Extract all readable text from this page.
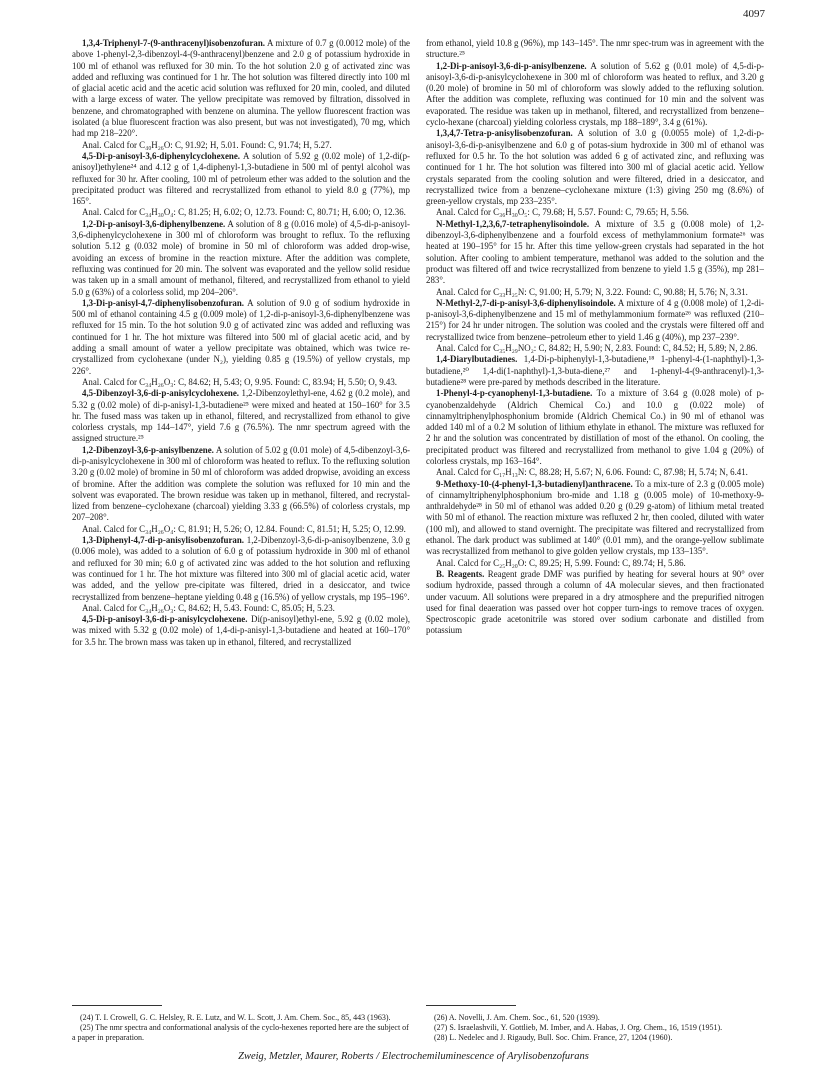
4097

1,3,4-Triphenyl-7-(9-anthracenyl)isobenzofuran. A mixture of 0.7 g (0.0012 mole) of the above 1-phenyl-2,3-dibenzoyl-4-(9-anthracenyl)benzene and 2.0 g of potassium hydroxide in 100 ml of ethanol was refluxed for 30 min. To the hot solution 2.0 g of activated zinc was added and refluxing was continued for 1 hr. The hot solution was filtered directly into 100 ml of glacial acetic acid and the acetic acid solution was refluxed for 20 min, cooled, and diluted with a large excess of water. The yellow precipitate was removed by filtration, dissolved in benzene, and chromatographed with benzene on alumina. The yellow fluorescent fraction was isolated (a blue fluorescent fraction was also present, but was not investigated), 70 mg, which had mp 218–220°.

Anal. Calcd for C₄₀H₂₆O: C, 91.92; H, 5.01. Found: C, 91.74; H, 5.27.

4,5-Di-p-anisoyl-3,6-diphenylcyclohexene. A solution of 5.92 g (0.02 mole) of 1,2-di(p-anisoyl)ethylene²⁴ and 4.12 g of 1,4-diphenyl-1,3-butadiene in 500 ml of pentyl alcohol was refluxed for 30 hr. After cooling, 100 ml of petroleum ether was added to the solution and the precipitated product was filtered and recrystallized from ethanol to yield 8.0 g (77%), mp 165°.

Anal. Calcd for C₃₄H₃₀O₄: C, 81.25; H, 6.02; O, 12.73. Found: C, 80.71; H, 6.00; O, 12.36.

1,2-Di-p-anisoyl-3,6-diphenylbenzene. A solution of 8 g (0.016 mole) of 4,5-di-p-anisoyl-3,6-diphenylcyclohexene in 300 ml of chloroform was brought to reflux. To the refluxing solution 5.12 g (0.032 mole) of bromine in 50 ml of chloroform was added drop-wise, avoiding an excess of bromine in the reaction mixture. After the addition was complete, refluxing was continued for 20 min. The solvent was evaporated and the yellow solid residue was taken up in a small amount of methanol, filtered, and recrystallized from ethanol to yield 5.0 g (63%) of a colorless solid, mp 204–206°.

1,3-Di-p-anisyl-4,7-diphenylisobenzofuran. A solution of 9.0 g of sodium hydroxide in 500 ml of ethanol containing 4.5 g (0.009 mole) of 1,2-di-p-anisoyl-3,6-diphenylbenzene was refluxed for 15 min. To the hot solution 9.0 g of activated zinc was added and refluxing was continued for 1 hr. The hot mixture was filtered into 500 ml of glacial acetic acid, and by adding a small amount of water a yellow precipitate was obtained, which was twice re-crystallized from cyclohexane (under N₂), yielding 0.85 g (19.5%) of yellow crystals, mp 226°.

Anal. Calcd for C₃₄H₂₆O₃: C, 84.62; H, 5.43; O, 9.95. Found: C, 83.94; H, 5.50; O, 9.43.

4,5-Dibenzoyl-3,6-di-p-anisylcyclohexene. 1,2-Dibenzoylethyl-ene, 4.62 g (0.2 mole), and 5.32 g (0.02 mole) of di-p-anisyl-1,3-butadiene²⁵ were mixed and heated at 150–160° for 3.5 hr. The fused mass was taken up in ethanol, filtered, and recrystallized from ethanol to give colorless crystals, mp 144–147°, yield 7.6 g (76.5%). The nmr spectrum agreed with the assigned structure.²⁵

1,2-Dibenzoyl-3,6-p-anisylbenzene. A solution of 5.02 g (0.01 mole) of 4,5-dibenzoyl-3,6-di-p-anisylcyclohexene in 300 ml of chloroform was heated to reflux. To the refluxing solution 3.20 g (0.02 mole) of bromine in 50 ml of chloroform was added dropwise, avoiding an excess of bromine. After the addition was complete the solution was refluxed for 10 min and the solvent was evaporated. The brown residue was taken up in methanol, filtered, and recrystal-lized from benzene–cyclohexane (charcoal) yielding 3.33 g (66.5%) of colorless crystals, mp 207–208°.

Anal. Calcd for C₃₄H₂₆O₄: C, 81.91; H, 5.26; O, 12.84. Found: C, 81.51; H, 5.25; O, 12.99.

1,3-Diphenyl-4,7-di-p-anisylisobenzofuran. 1,2-Dibenzoyl-3,6-di-p-anisoylbenzene, 3.0 g (0.006 mole), was added to a solution of 6.0 g of potassium hydroxide in 300 ml of ethanol and refluxed for 30 min; 6.0 g of activated zinc was added to the hot solution and refluxing was continued for 1 hr. The hot mixture was filtered into 300 ml of glacial acetic acid, water was added, and the yellow pre-cipitate was filtered, dried in a desiccator, and twice recrystallized from benzene–heptane yielding 0.48 g (16.5%) of yellow crystals, mp 195–196°.

Anal. Calcd for C₃₄H₂₆O₃: C, 84.62; H, 5.43. Found: C, 85.05; H, 5.23.

4,5-Di-p-anisoyl-3,6-di-p-anisylcyclohexene. Di(p-anisoyl)ethyl-ene, 5.92 g (0.02 mole), was mixed with 5.32 g (0.02 mole) of 1,4-di-p-anisyl-1,3-butadiene and heated at 160–170° for 3.5 hr. The brown mass was taken up in ethanol, filtered, and recrystallized

from ethanol, yield 10.8 g (96%), mp 143–145°. The nmr spec-trum was in agreement with the structure.²⁵

1,2-Di-p-anisoyl-3,6-di-p-anisylbenzene. A solution of 5.62 g (0.01 mole) of 4,5-di-p-anisoyl-3,6-di-p-anisylcyclohexene in 300 ml of chloroform was heated to reflux, and 3.20 g (0.20 mole) of bromine in 50 ml of chloroform was slowly added to the refluxing solution. After the addition was complete, refluxing was continued for 10 min and the solvent was evaporated. The residue was taken up in methanol, filtered, and recrystallized from benzene–cyclo-hexane (charcoal) yielding colorless crystals, mp 188–189°, 3.4 g (61%).

1,3,4,7-Tetra-p-anisylisobenzofuran. A solution of 3.0 g (0.0055 mole) of 1,2-di-p-anisoyl-3,6-di-p-anisylbenzene and 6.0 g of potas-sium hydroxide in 300 ml of ethanol was refluxed for 0.5 hr. To the hot solution was added 6 g of activated zinc, and refluxing was continued for 1 hr. The hot solution was filtered into 300 ml of glacial acetic acid. Yellow crystals separated from the cooling solution and were filtered, dried in a desiccator, and recrystallized twice from a benzene–cyclohexane mixture (1:3) giving 250 mg (8.6%) of green-yellow crystals, mp 233–235°.

Anal. Calcd for C₃₆H₃₀O₅: C, 79.68; H, 5.57. Found: C, 79.65; H, 5.56.

N-Methyl-1,2,3,6,7-tetraphenylisoindole. A mixture of 3.5 g (0.008 mole) of 1,2-dibenzoyl-3,6-diphenylbenzene and a fourfold excess of methylammonium formate²⁶ was heated at 190–195° for 15 hr. After this time yellow-green crystals had separated in the hot solution. After cooling to ambient temperature, methanol was added to the solution and the product was filtered off and twice recrystallized from benzene to yield 1.5 g (35%), mp 281–283°.

Anal. Calcd for C₃₃H₂₅N: C, 91.00; H, 5.79; N, 3.22. Found: C, 90.88; H, 5.76; N, 3.31.

N-Methyl-2,7-di-p-anisyl-3,6-diphenylisoindole. A mixture of 4 g (0.008 mole) of 1,2-di-p-anisoyl-3,6-diphenylbenzene and 15 ml of methylammonium formate²⁶ was refluxed (210–215°) for 24 hr under nitrogen. The solution was cooled and the crystals were filtered off and recrystallized twice from benzene–petroleum ether to yield 1.46 g (40%), mp 237–239°.

Anal. Calcd for C₃₅H₂₉NO₂: C, 84.82; H, 5.90; N, 2.83. Found: C, 84.52; H, 5.89; N, 2.86.

1,4-Diarylbutadienes. 1,4-Di-p-biphenylyl-1,3-butadiene,¹⁸ 1-phenyl-4-(1-naphthyl)-1,3-butadiene,²⁰ 1,4-di(1-naphthyl)-1,3-buta-diene,²⁷ and 1-phenyl-4-(9-anthracenyl)-1,3-butadiene²⁸ were pre-pared by methods described in the literature.

1-Phenyl-4-p-cyanophenyl-1,3-butadiene. To a mixture of 3.64 g (0.028 mole) of p-cyanobenzaldehyde (Aldrich Chemical Co.) and 10.0 g (0.022 mole) of cinnamyltriphenylphosphonium bromide (Aldrich Chemical Co.) in 90 ml of ethanol was added 140 ml of a 0.2 M solution of lithium ethylate in ethanol. The mixture was refluxed for 2 hr and the solution was concentrated by distillation of most of the ethanol. On cooling, the precipitated product was filtered and recrystallized from methanol to give 1.04 g (20%) of colorless crystals, mp 163–164°.

Anal. Calcd for C₁₇H₁₃N: C, 88.28; H, 5.67; N, 6.06. Found: C, 87.98; H, 5.74; N, 6.41.

9-Methoxy-10-(4-phenyl-1,3-butadienyl)anthracene. To a mix-ture of 2.3 g (0.005 mole) of cinnamyltriphenylphosphonium bro-mide and 1.18 g (0.005 mole) of 10-methoxy-9-anthraldehyde²⁸ in 50 ml of ethanol was added 0.20 g (0.29 g-atom) of lithium metal treated with 50 ml of ethanol. The reaction mixture was refluxed 2 hr, then cooled, diluted with water (100 ml), and allowed to stand overnight. The precipitate was filtered and recrystallized from ethanol. The dark product was sublimed at 140° (0.01 mm), and the orange-yellow sublimate was recrystallized from methanol to give golden yellow crystals, mp 133–135°.

Anal. Calcd for C₂₅H₂₀O: C, 89.25; H, 5.99. Found: C, 89.74; H, 5.86.

B. Reagents. Reagent grade DMF was purified by heating for several hours at 90° over sodium hydroxide, passed through a column of 4A molecular sieves, and then fractionated under vacuum. All solutions were prepared in a dry atmosphere and the prepurified nitrogen used for final deaeration was passed over hot copper turn-ings to remove traces of oxygen. Spectroscopic grade acetonitrile was stored over sodium carbonate and distilled from potassium

(24) T. I. Crowell, G. C. Helsley, R. E. Lutz, and W. L. Scott, J. Am. Chem. Soc., 85, 443 (1963).

(25) The nmr spectra and conformational analysis of the cyclo-hexenes reported here are the subject of a paper in preparation.

(26) A. Novelli, J. Am. Chem. Soc., 61, 520 (1939).

(27) S. Israelashvili, Y. Gottlieb, M. Imber, and A. Habas, J. Org. Chem., 16, 1519 (1951).

(28) L. Nedelec and J. Rigaudy, Bull. Soc. Chim. France, 27, 1204 (1960).

Zweig, Metzler, Maurer, Roberts / Electrochemiluminescence of Arylisobenzofurans
